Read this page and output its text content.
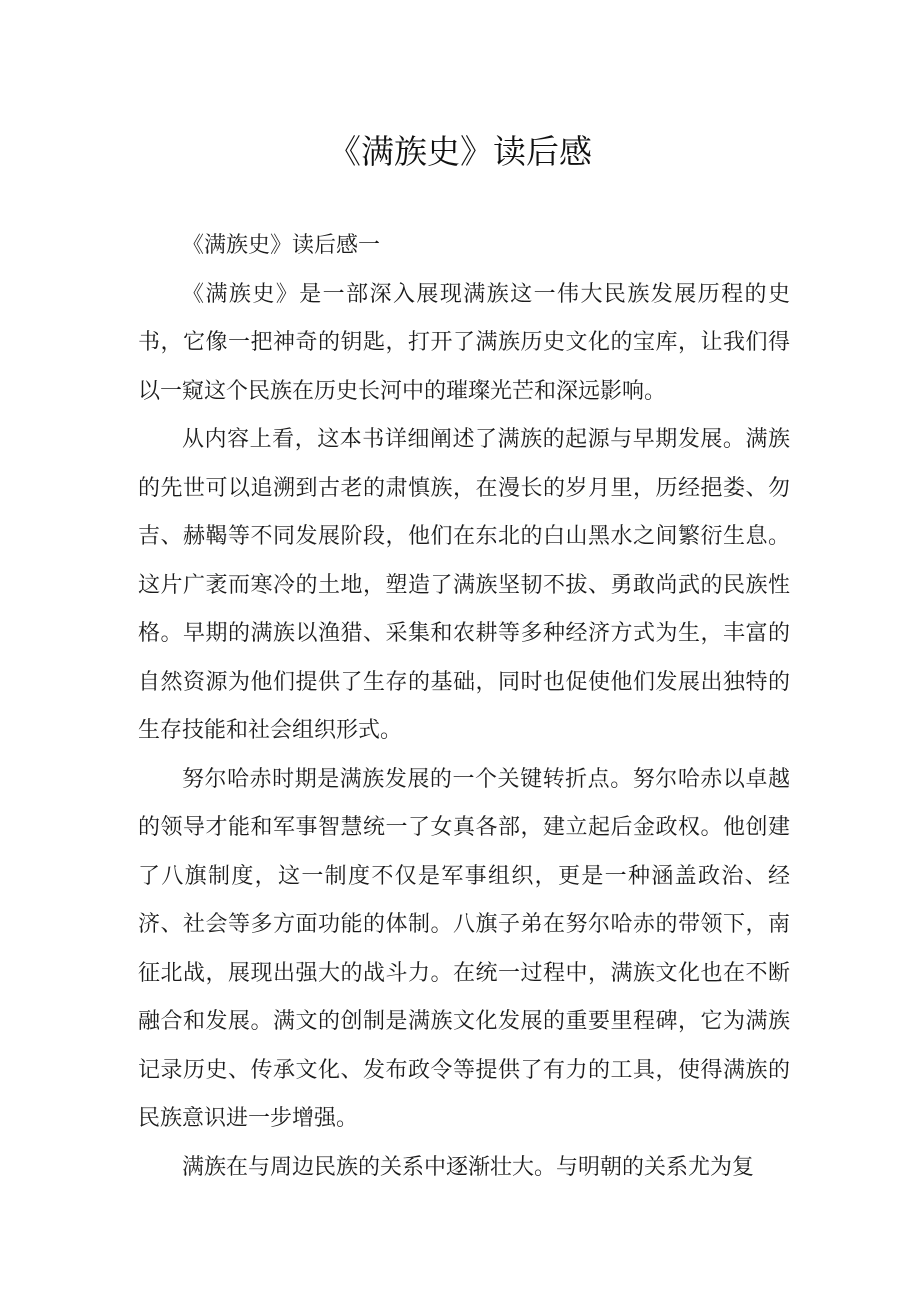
《满族史》读后感

《满族史》读后感一

《满族史》是一部深入展现满族这一伟大民族发展历程的史书，它像一把神奇的钥匙，打开了满族历史文化的宝库，让我们得以一窥这个民族在历史长河中的璀璨光芒和深远影响。

从内容上看，这本书详细阐述了满族的起源与早期发展。满族的先世可以追溯到古老的肃慎族，在漫长的岁月里，历经挹娄、勿吉、赫鞨等不同发展阶段，他们在东北的白山黑水之间繁衍生息。这片广袤而寒冷的土地，塑造了满族坚韧不拔、勇敢尚武的民族性格。早期的满族以渔猎、采集和农耕等多种经济方式为生，丰富的自然资源为他们提供了生存的基础，同时也促使他们发展出独特的生存技能和社会组织形式。

努尔哈赤时期是满族发展的一个关键转折点。努尔哈赤以卓越的领导才能和军事智慧统一了女真各部，建立起后金政权。他创建了八旗制度，这一制度不仅是军事组织，更是一种涵盖政治、经济、社会等多方面功能的体制。八旗子弟在努尔哈赤的带领下，南征北战，展现出强大的战斗力。在统一过程中，满族文化也在不断融合和发展。满文的创制是满族文化发展的重要里程碑，它为满族记录历史、传承文化、发布政令等提供了有力的工具，使得满族的民族意识进一步增强。

满族在与周边民族的关系中逐渐壮大。与明朝的关系尤为复
